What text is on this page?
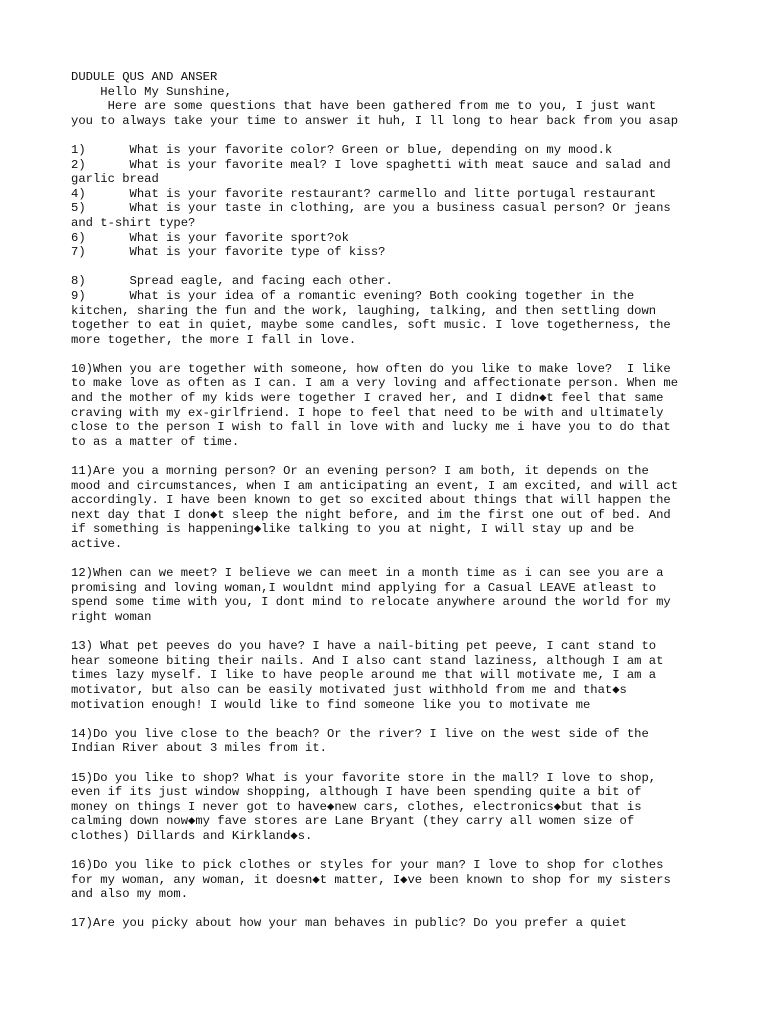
DUDULE QUS AND ANSER
Hello My Sunshine,
Here are some questions that have been gathered from me to you, I just want
you to always take your time to answer it huh, I ll long to hear back from you asap
1)      What is your favorite color? Green or blue, depending on my mood.k
2)      What is your favorite meal? I love spaghetti with meat sauce and salad and
garlic bread
4)      What is your favorite restaurant? carmello and litte portugal restaurant
5)      What is your taste in clothing, are you a business casual person? Or jeans
and t-shirt type?
6)      What is your favorite sport?ok
7)      What is your favorite type of kiss?
8)      Spread eagle, and facing each other.
9)      What is your idea of a romantic evening? Both cooking together in the
kitchen, sharing the fun and the work, laughing, talking, and then settling down
together to eat in quiet, maybe some candles, soft music. I love togetherness, the
more together, the more I fall in love.
10)When you are together with someone, how often do you like to make love?  I like
to make love as often as I can. I am a very loving and affectionate person. When me
and the mother of my kids were together I craved her, and I didn◆t feel that same
craving with my ex-girlfriend. I hope to feel that need to be with and ultimately
close to the person I wish to fall in love with and lucky me i have you to do that
to as a matter of time.
11)Are you a morning person? Or an evening person? I am both, it depends on the
mood and circumstances, when I am anticipating an event, I am excited, and will act
accordingly. I have been known to get so excited about things that will happen the
next day that I don◆t sleep the night before, and im the first one out of bed. And
if something is happening◆like talking to you at night, I will stay up and be
active.
12)When can we meet? I believe we can meet in a month time as i can see you are a
promising and loving woman,I wouldnt mind applying for a Casual LEAVE atleast to
spend some time with you, I dont mind to relocate anywhere around the world for my
right woman
13) What pet peeves do you have? I have a nail-biting pet peeve, I cant stand to
hear someone biting their nails. And I also cant stand laziness, although I am at
times lazy myself. I like to have people around me that will motivate me, I am a
motivator, but also can be easily motivated just withhold from me and that◆s
motivation enough! I would like to find someone like you to motivate me
14)Do you live close to the beach? Or the river? I live on the west side of the
Indian River about 3 miles from it.
15)Do you like to shop? What is your favorite store in the mall? I love to shop,
even if its just window shopping, although I have been spending quite a bit of
money on things I never got to have◆new cars, clothes, electronics◆but that is
calming down now◆my fave stores are Lane Bryant (they carry all women size of
clothes) Dillards and Kirkland◆s.
16)Do you like to pick clothes or styles for your man? I love to shop for clothes
for my woman, any woman, it doesn◆t matter, I◆ve been known to shop for my sisters
and also my mom.
17)Are you picky about how your man behaves in public? Do you prefer a quiet
